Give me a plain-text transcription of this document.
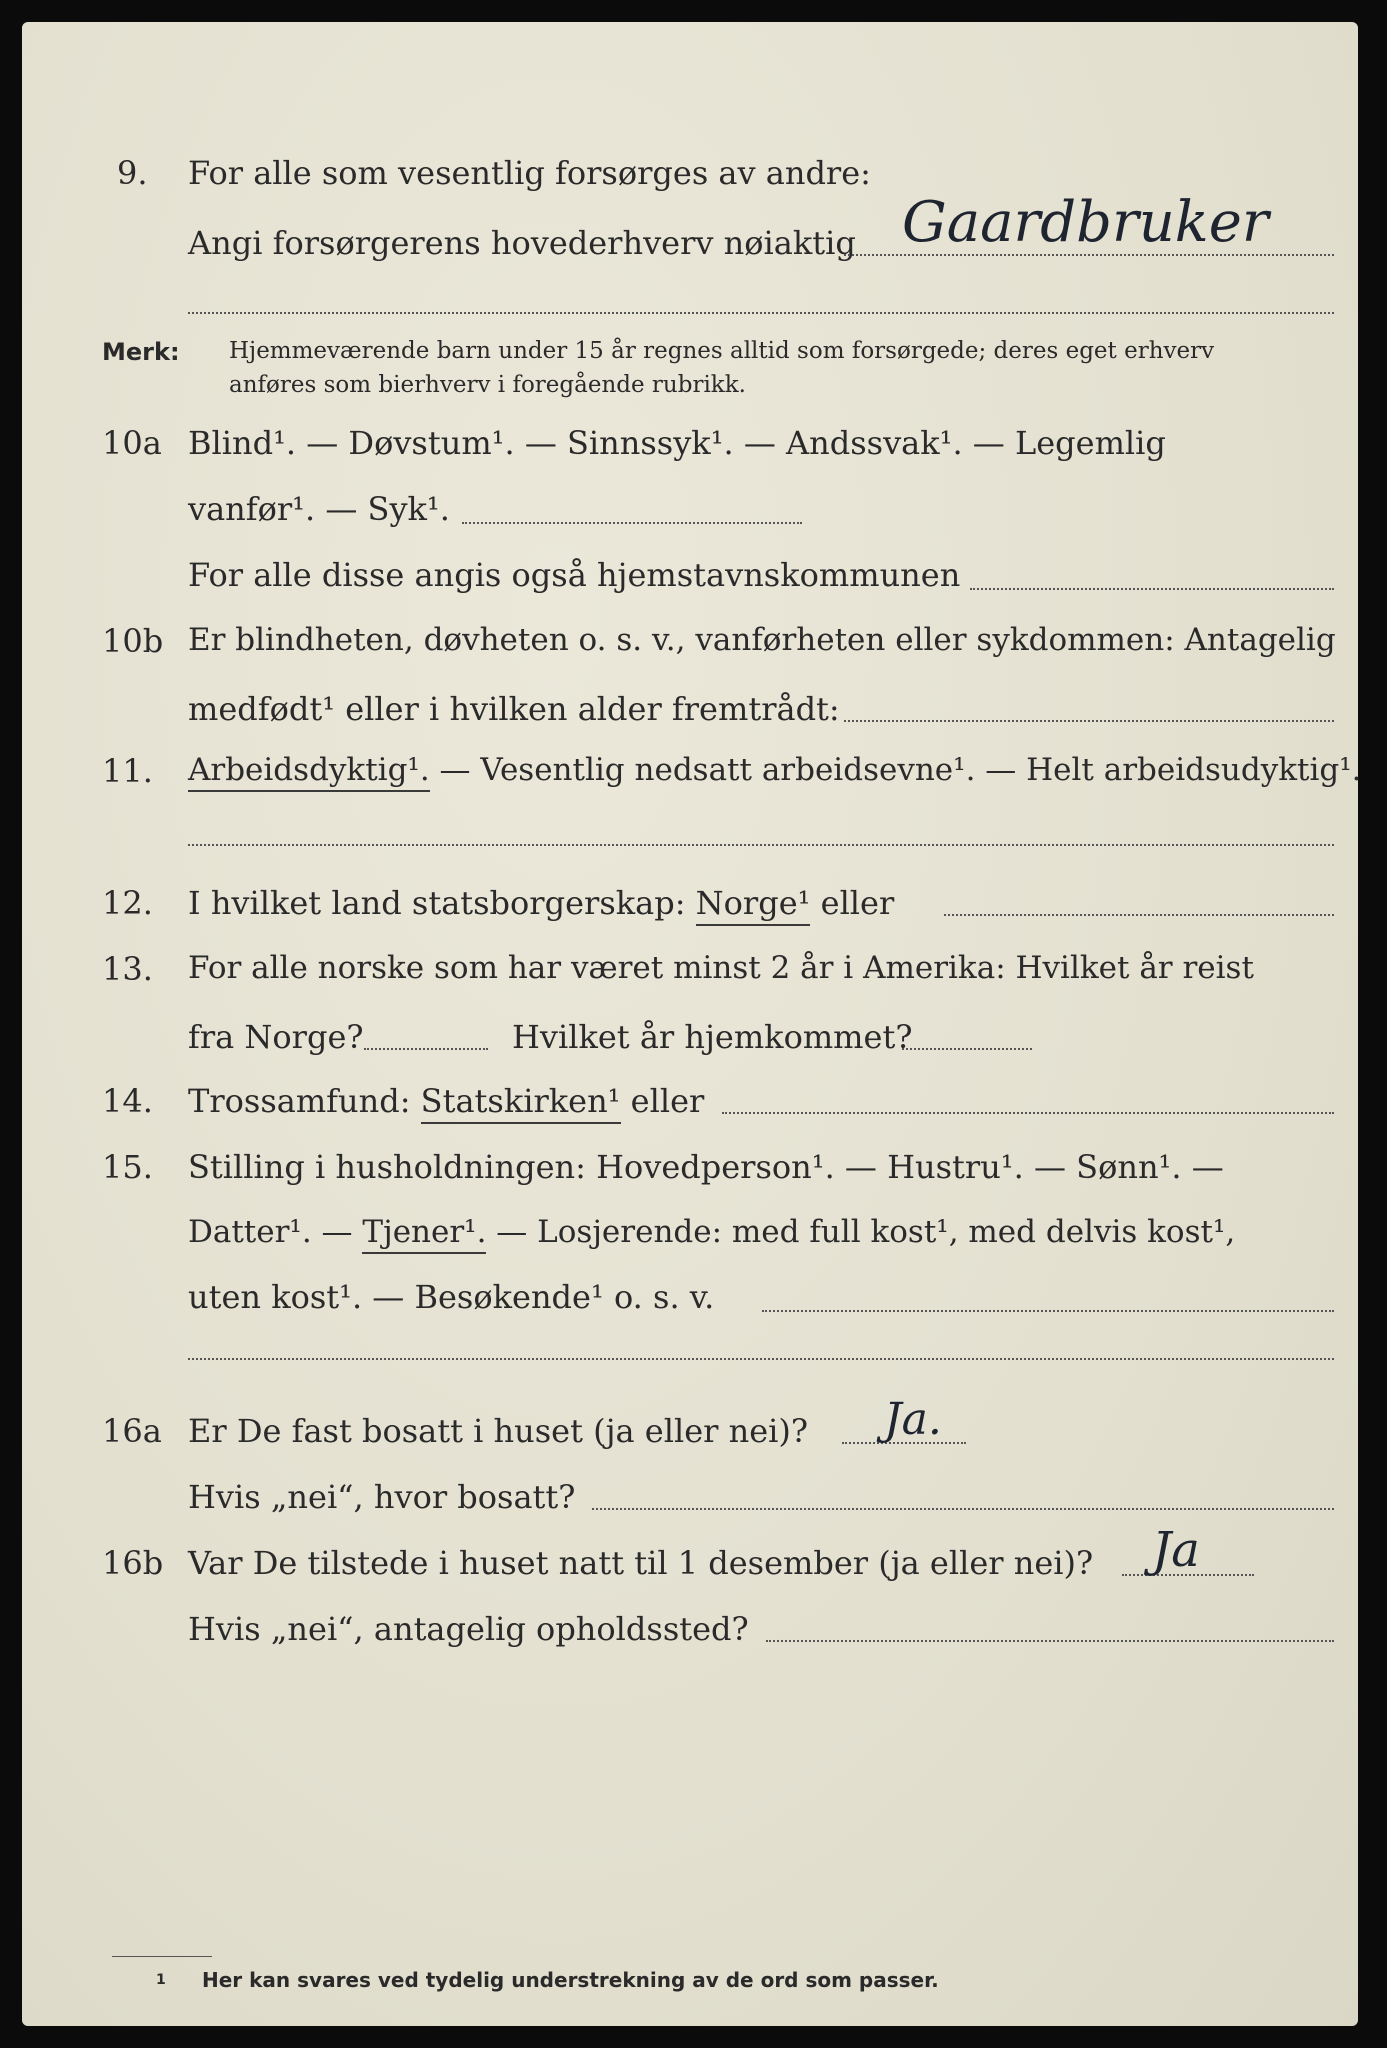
9. For alle som vesentlig forsørges av andre:
Angi forsørgerens hovederhverv nøiaktig Gaardbruker
Merk: Hjemmeværende barn under 15 år regnes alltid som forsørgede; deres eget erhverv
anføres som bierhverv i foregående rubrikk.
10a Blind¹. — Døvstum¹. — Sinnssyk¹. — Andssvak¹. — Legemlig
vanfør¹. — Syk¹.
For alle disse angis også hjemstavnskommunen
10b Er blindheten, døvheten o. s. v., vanførheten eller sykdommen: Antagelig
medfødt¹ eller i hvilken alder fremtrådt:
11. Arbeidsdyktig¹. — Vesentlig nedsatt arbeidsevne¹. — Helt arbeidsudyktig¹.
12. I hvilket land statsborgerskap: Norge¹ eller
13. For alle norske som har været minst 2 år i Amerika: Hvilket år reist
fra Norge?	Hvilket år hjemkommet?
14. Trossamfund: Statskirken¹ eller
15. Stilling i husholdningen: Hovedperson¹. — Hustru¹. — Sønn¹. —
Datter¹. — Tjener¹. — Losjerende: med full kost¹, med delvis kost¹,
uten kost¹. — Besøkende¹ o. s. v.
16a Er De fast bosatt i huset (ja eller nei)? Ja.
Hvis „nei“, hvor bosatt?
16b Var De tilstede i huset natt til 1 desember (ja eller nei)? Ja
Hvis „nei“, antagelig opholdssted?
1 Her kan svares ved tydelig understrekning av de ord som passer.
